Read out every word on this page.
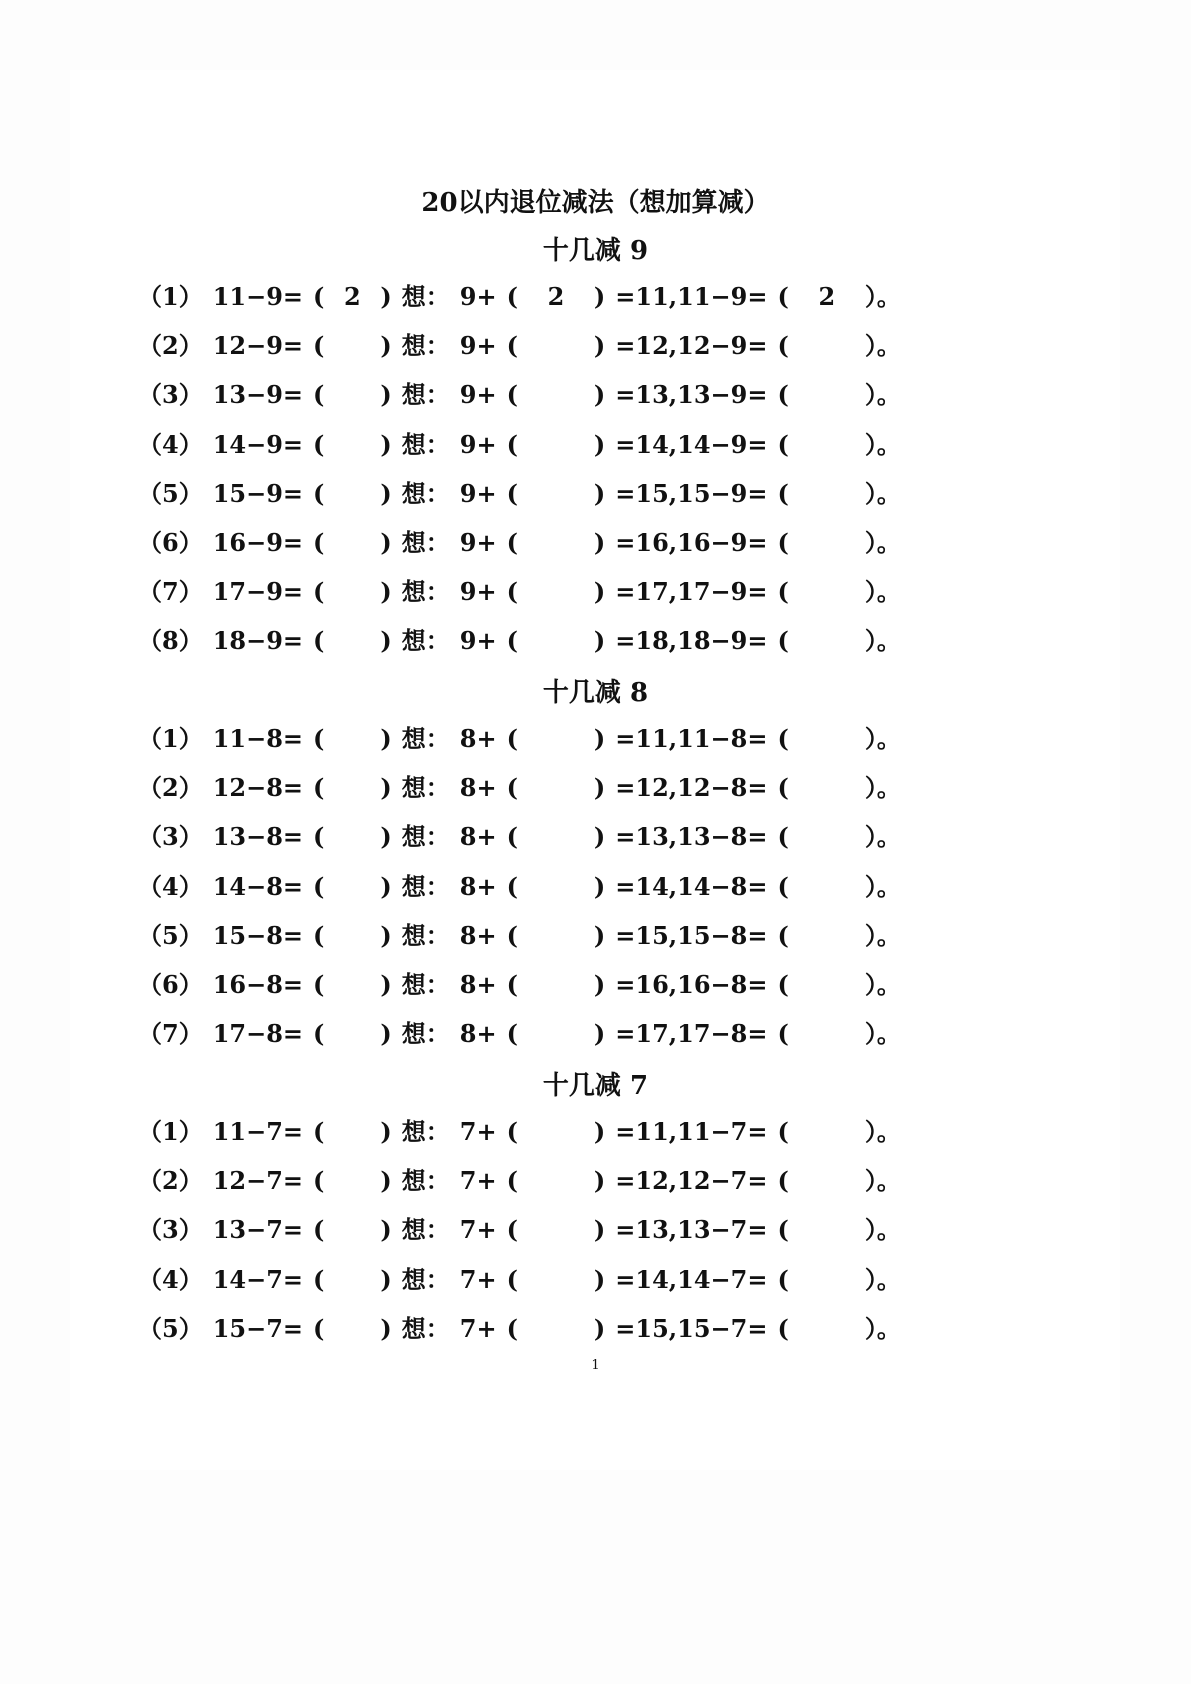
20以内退位减法（想加算减）
十几减 9
（1） 11−9= ( 2 ) 想： 9+ (	2	) =11,11−9= (	2	）。
（2） 12−9= ( ) 想： 9+ (	) =12,12−9= (	）。
（3） 13−9= ( ) 想： 9+ (	) =13,13−9= (	）。
（4） 14−9= ( ) 想： 9+ (	) =14,14−9= (	）。
（5） 15−9= ( ) 想： 9+ (	) =15,15−9= (	）。
（6） 16−9= ( ) 想： 9+ (	) =16,16−9= (	）。
（7） 17−9= ( ) 想： 9+ (	) =17,17−9= (	）。
（8） 18−9= ( ) 想： 9+ (	) =18,18−9= (	）。
十几减 8
（1） 11−8= ( ) 想： 8+ (	) =11,11−8= (	）。
（2） 12−8= ( ) 想： 8+ (	) =12,12−8= (	）。
（3） 13−8= ( ) 想： 8+ (	) =13,13−8= (	）。
（4） 14−8= ( ) 想： 8+ (	) =14,14−8= (	）。
（5） 15−8= ( ) 想： 8+ (	) =15,15−8= (	）。
（6） 16−8= ( ) 想： 8+ (	) =16,16−8= (	）。
（7） 17−8= ( ) 想： 8+ (	) =17,17−8= (	）。
十几减 7
（1） 11−7= ( ) 想： 7+ (	) =11,11−7= (	）。
（2） 12−7= ( ) 想： 7+ (	) =12,12−7= (	）。
（3） 13−7= ( ) 想： 7+ (	) =13,13−7= (	）。
（4） 14−7= ( ) 想： 7+ (	) =14,14−7= (	）。
（5） 15−7= ( ) 想： 7+ (	) =15,15−7= (	）。
1
